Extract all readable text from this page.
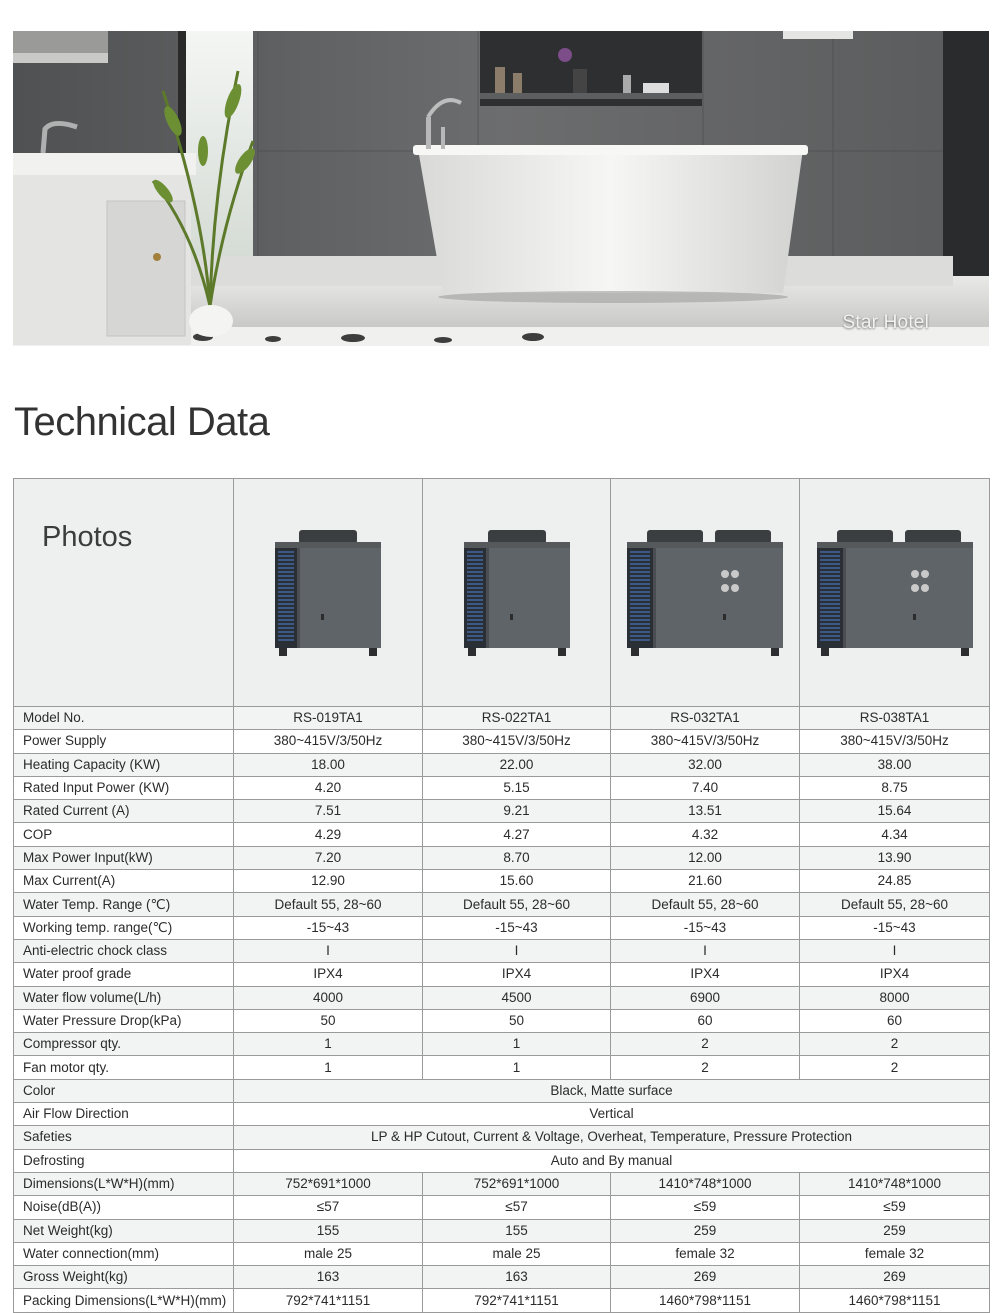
Star Hotel
Technical Data
Photos	

Model No.	RS-019TA1	RS-022TA1	RS-032TA1	RS-038TA1
Power Supply	380~415V/3/50Hz	380~415V/3/50Hz	380~415V/3/50Hz	380~415V/3/50Hz
Heating Capacity (KW)	18.00	22.00	32.00	38.00
Rated Input Power (KW)	4.20	5.15	7.40	8.75
Rated Current (A)	7.51	9.21	13.51	15.64
COP	4.29	4.27	4.32	4.34
Max Power Input(kW)	7.20	8.70	12.00	13.90
Max Current(A)	12.90	15.60	21.60	24.85
Water Temp. Range (℃)	Default 55, 28~60	Default 55, 28~60	Default 55, 28~60	Default 55, 28~60
Working temp. range(℃)	-15~43	-15~43	-15~43	-15~43
Anti-electric chock class	I	I	I	I
Water proof grade	IPX4	IPX4	IPX4	IPX4
Water flow volume(L/h)	4000	4500	6900	8000
Water Pressure Drop(kPa)	50	50	60	60
Compressor qty.	1	1	2	2
Fan motor qty.	1	1	2	2
Color	Black, Matte surface			
Air Flow Direction	Vertical			
Safeties	LP & HP Cutout, Current & Voltage, Overheat, Temperature, Pressure Protection			
Defrosting	Auto and By manual			
Dimensions(L*W*H)(mm)	752*691*1000	752*691*1000	1410*748*1000	1410*748*1000
Noise(dB(A))	≤57	≤57	≤59	≤59
Net Weight(kg)	155	155	259	259
Water connection(mm)	male 25	male 25	female 32	female 32
Gross Weight(kg)	163	163	269	269
Packing Dimensions(L*W*H)(mm)	792*741*1151	792*741*1151	1460*798*1151	1460*798*1151
